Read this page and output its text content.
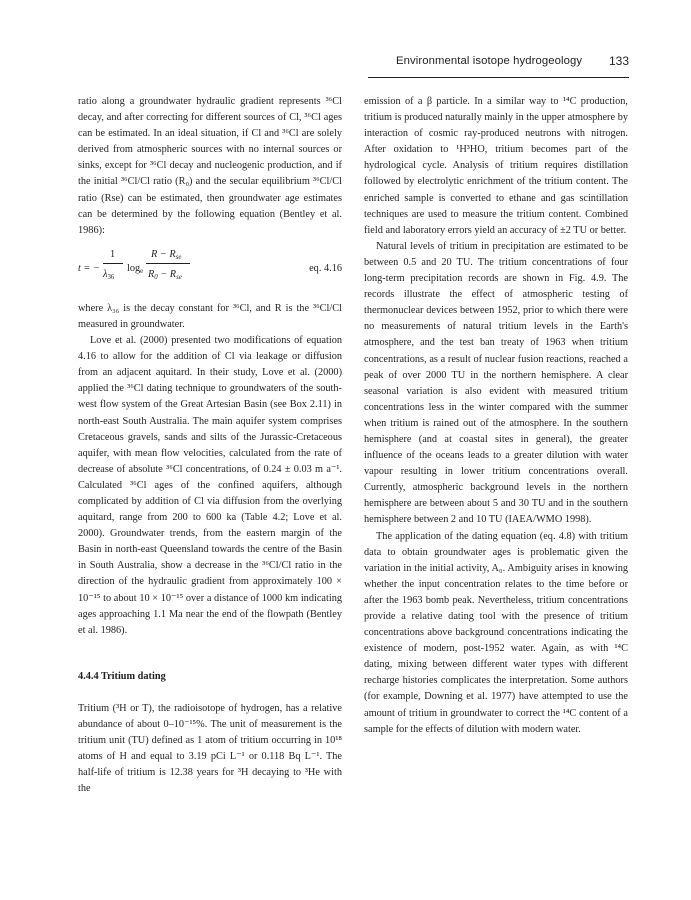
Environmental isotope hydrogeology 133

ratio along a groundwater hydraulic gradient represents ³⁶Cl decay, and after correcting for different sources of Cl, ³⁶Cl ages can be estimated. In an ideal situation, if Cl and ³⁶Cl are solely derived from atmospheric sources with no internal sources or sinks, except for ³⁶Cl decay and nucleogenic production, and if the initial ³⁶Cl/Cl ratio (R₀) and the secular equilibrium ³⁶Cl/Cl ratio (Rse) can be estimated, then groundwater age estimates can be determined by the following equation (Bentley et al. 1986):

t = −
1
$\lambda_{36}$
$\log_e$
$R - R_{se}$
$R_0 - R_{se}$
eq. 4.16

where λ₃₆ is the decay constant for ³⁶Cl, and R is the ³⁶Cl/Cl measured in groundwater.

Love et al. (2000) presented two modifications of equation 4.16 to allow for the addition of Cl via leakage or diffusion from an adjacent aquitard. In their study, Love et al. (2000) applied the ³⁶Cl dating technique to groundwaters of the south-west flow system of the Great Artesian Basin (see Box 2.11) in north-east South Australia. The main aquifer system comprises Cretaceous gravels, sands and silts of the Jurassic-Cretaceous aquifer, with mean flow velocities, calculated from the rate of decrease of absolute ³⁶Cl concentrations, of 0.24 ± 0.03 m a⁻¹. Calculated ³⁶Cl ages of the confined aquifers, although complicated by addition of Cl via diffusion from the overlying aquitard, range from 200 to 600 ka (Table 4.2; Love et al. 2000). Groundwater trends, from the eastern margin of the Basin in north-east Queensland towards the centre of the Basin in South Australia, show a decrease in the ³⁶Cl/Cl ratio in the direction of the hydraulic gradient from approximately 100 × 10⁻¹⁵ to about 10 × 10⁻¹⁵ over a distance of 1000 km indicating ages approaching 1.1 Ma near the end of the flowpath (Bentley et al. 1986).

4.4.4 Tritium dating

Tritium (³H or T), the radioisotope of hydrogen, has a relative abundance of about 0–10⁻¹⁵%. The unit of measurement is the tritium unit (TU) defined as 1 atom of tritium occurring in 10¹⁸ atoms of H and equal to 3.19 pCi L⁻¹ or 0.118 Bq L⁻¹. The half-life of tritium is 12.38 years for ³H decaying to ³He with the

emission of a β particle. In a similar way to ¹⁴C production, tritium is produced naturally mainly in the upper atmosphere by interaction of cosmic ray-produced neutrons with nitrogen. After oxidation to ¹H³HO, tritium becomes part of the hydrological cycle. Analysis of tritium requires distillation followed by electrolytic enrichment of the tritium content. The enriched sample is converted to ethane and gas scintillation techniques are used to measure the tritium content. Combined field and laboratory errors yield an accuracy of ±2 TU or better.

Natural levels of tritium in precipitation are estimated to be between 0.5 and 20 TU. The tritium concentrations of four long-term precipitation records are shown in Fig. 4.9. The records illustrate the effect of atmospheric testing of thermonuclear devices between 1952, prior to which there were no measurements of natural tritium levels in the Earth's atmosphere, and the test ban treaty of 1963 when tritium concentrations, as a result of nuclear fusion reactions, reached a peak of over 2000 TU in the northern hemisphere. A clear seasonal variation is also evident with measured tritium concentrations less in the winter compared with the summer when tritium is rained out of the atmosphere. In the southern hemisphere (and at coastal sites in general), the greater influence of the oceans leads to a greater dilution with water vapour resulting in lower tritium concentrations overall. Currently, atmospheric background levels in the northern hemisphere are between about 5 and 30 TU and in the southern hemisphere between 2 and 10 TU (IAEA/WMO 1998).

The application of the dating equation (eq. 4.8) with tritium data to obtain groundwater ages is problematic given the variation in the initial activity, A₀. Ambiguity arises in knowing whether the input concentration relates to the time before or after the 1963 bomb peak. Nevertheless, tritium concentrations provide a relative dating tool with the presence of tritium concentrations above background concentrations indicating the existence of modern, post-1952 water. Again, as with ¹⁴C dating, mixing between different water types with different recharge histories complicates the interpretation. Some authors (for example, Downing et al. 1977) have attempted to use the amount of tritium in groundwater to correct the ¹⁴C content of a sample for the effects of dilution with modern water.
